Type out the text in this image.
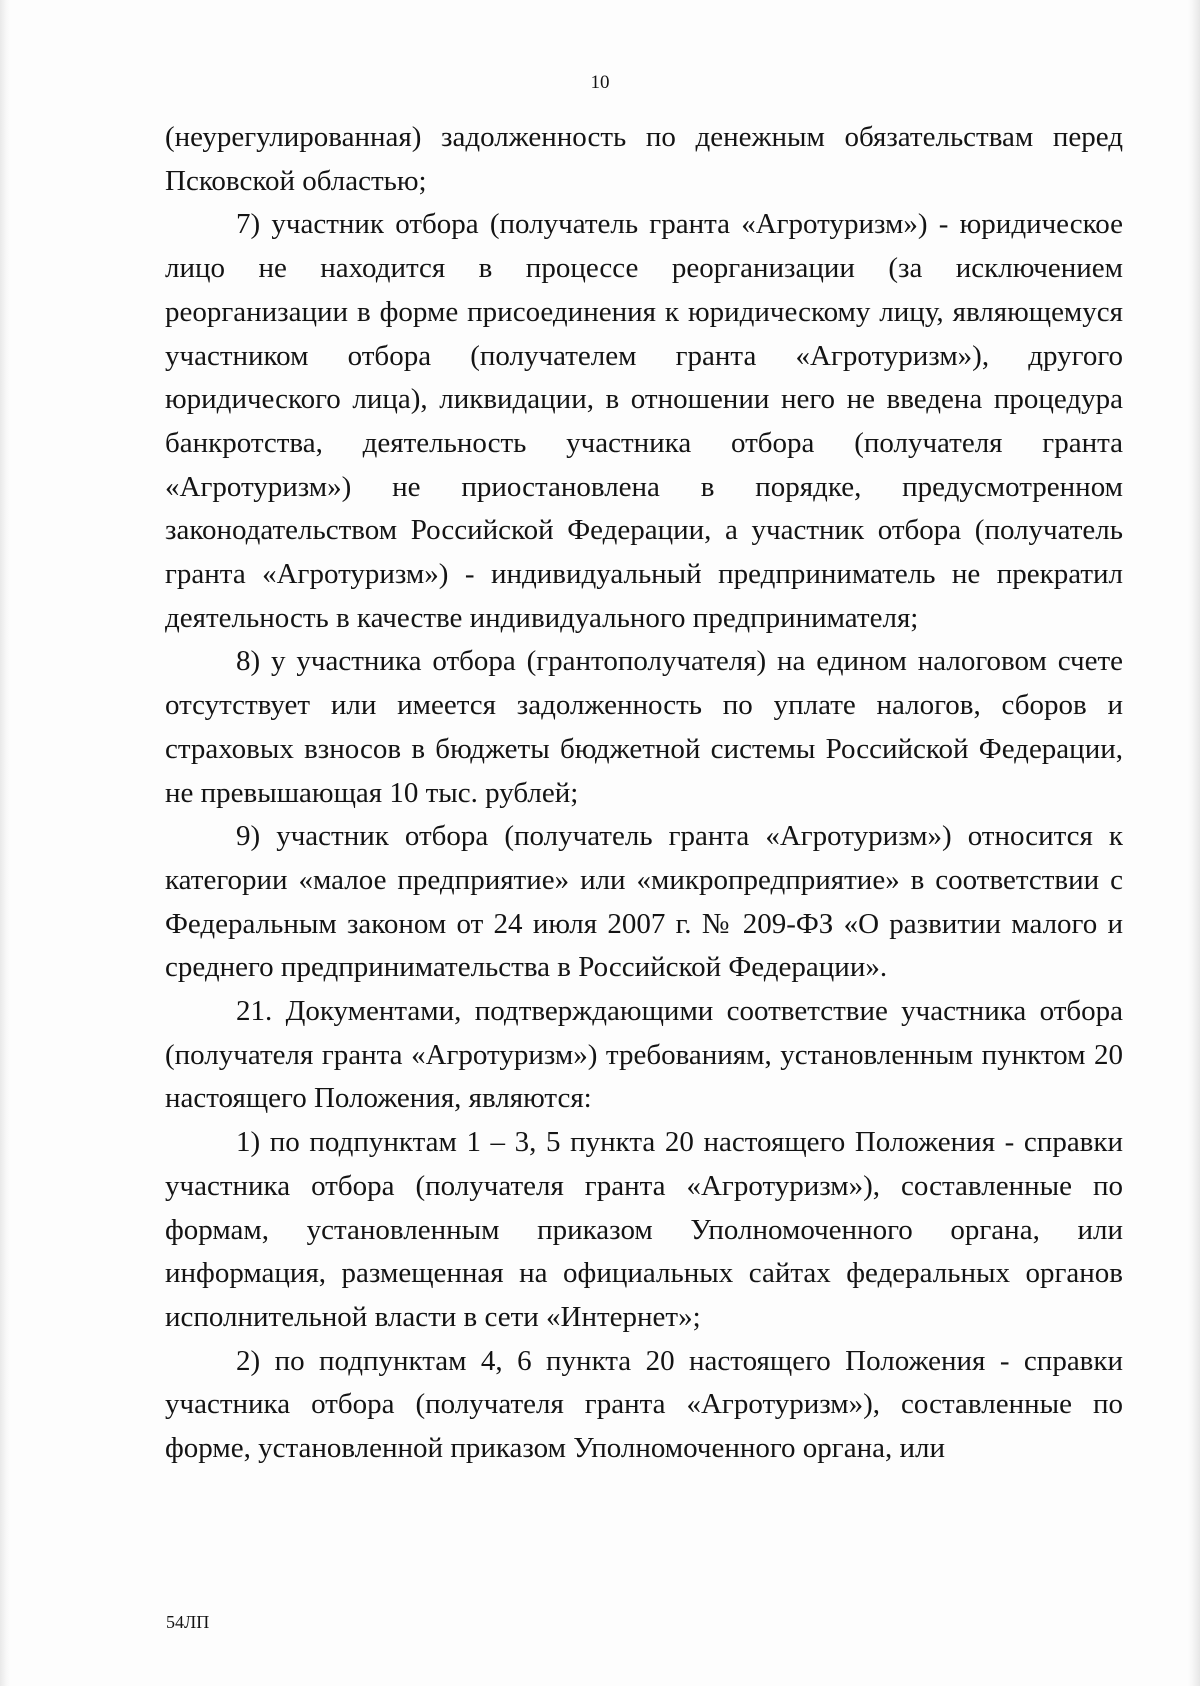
10

(неурегулированная) задолженность по денежным обязательствам перед Псковской областью;

7) участник отбора (получатель гранта «Агротуризм») - юридическое лицо не находится в процессе реорганизации (за исключением реорганизации в форме присоединения к юридическому лицу, являющемуся участником отбора (получателем гранта «Агротуризм»), другого юридического лица), ликвидации, в отношении него не введена процедура банкротства, деятельность участника отбора (получателя гранта «Агротуризм») не приостановлена в порядке, предусмотренном законодательством Российской Федерации, а участник отбора (получатель гранта «Агротуризм») - индивидуальный предприниматель не прекратил деятельность в качестве индивидуального предпринимателя;

8) у участника отбора (грантополучателя) на едином налоговом счете отсутствует или имеется задолженность по уплате налогов, сборов и страховых взносов в бюджеты бюджетной системы Российской Федерации, не превышающая 10 тыс. рублей;

9) участник отбора (получатель гранта «Агротуризм») относится к категории «малое предприятие» или «микропредприятие» в соответствии с Федеральным законом от 24 июля 2007 г. № 209-ФЗ «О развитии малого и среднего предпринимательства в Российской Федерации».

21. Документами, подтверждающими соответствие участника отбора (получателя гранта «Агротуризм») требованиям, установленным пунктом 20 настоящего Положения, являются:

1) по подпунктам 1 – 3, 5 пункта 20 настоящего Положения - справки участника отбора (получателя гранта «Агротуризм»), составленные по формам, установленным приказом Уполномоченного органа, или информация, размещенная на официальных сайтах федеральных органов исполнительной власти в сети «Интернет»;

2) по подпунктам 4, 6 пункта 20 настоящего Положения - справки участника отбора (получателя гранта «Агротуризм»), составленные по форме, установленной приказом Уполномоченного органа, или

54ЛП
